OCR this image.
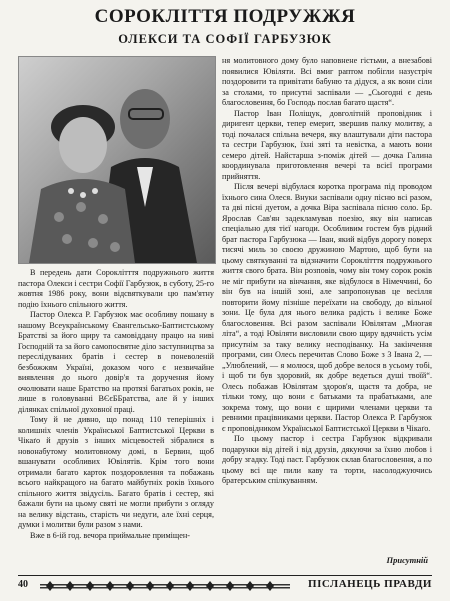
СОРОКЛІТТЯ ПОДРУЖЖЯ
ОЛЕКСИ ТА СОФІЇ ГАРБУЗЮК

В передень дати Сороклітття подружнього життя пастора Олекси і сестри Софії Гарбузюк, в суботу, 25-го жовтня 1986 року, вони відсвяткували цю пам'ятну подію їхнього спільного життя.

Пастор Олекса Р. Гарбузюк має особливу пошану в нашому Всеукраїнському Євангельсько-Баптистському Братстві за його щиру та самовіддану працю на ниві Господній та за його самопосвятне діло заступництва за переслідуваних братів і сестер в поневоленій безбожжям Україні, доказом чого є незвичайне виявлення до нього довір'я та доручення йому очолювати наше Братство на протязі багатьох років, не лише в головуванні ВЄєББратства, але й у інших ділянках спільної духовної праці.

Тому й не дивно, що понад 110 теперішніх і колишніх членів Української Баптистської Церкви в Чікаґо й друзів з інших місцевостей зібралися в новонабутому молитовному домі, в Бервин, щоб вшанувати особливих Ювілятів. Крім того вони отримали багато карток поздоровлення та побажань всього найкращого на багато майбутніх років їхнього спільного життя звідусіль. Багато братів і сестер, які бажали бути на цьому святі не могли прибути з огляду на велику відстань, старість чи недуги, але їхні серця, думки і молитви були разом з нами.

Вже в 6-ій год. вечора приймальне приміщен-

ня молитовного дому було наповнене гістьми, а внезабові появилися Ювіляти. Всі вмиг раптом побігли назустріч поздоровити та привітати бабуню та дідуся, а як вони сіли за столами, то присутні заспівали — „Сьогодні є день благословення, бо Господь послав багато щастя“.

Пастор Іван Поліщук, довголітній проповідник і диригент церкви, тепер емерит, звершив палку молитву, а тоді почалася спільна вечеря, яку влаштували діти пастора та сестри Гарбузюк, їхні зяті та невістка, а мають вони семеро дітей. Найстарша з-поміж дітей — дочка Галина координувала приготовлення вечері та всієї програми прийняття.

Після вечері відбулася коротка програма під проводом їхнього сина Олеся. Внуки заспівали одну пісню всі разом, та дві пісні дуетом, а дочка Віра заспівала пісню соло. Бр. Ярослав Сав'ян задекламував поезію, яку він написав спеціально для тієї нагоди. Особливим гостем був рідний брат пастора Гарбузюка — Іван, який відбув дорогу поверх тисячі миль зо своєю дружиною Мартою, щоб бути на цьому святкуванні та відзначити Сороклітття подружнього життя свого брата. Він розповів, чому він тому сорок років не міг прибути на вінчання, яке відбулося в Німеччині, бо він був на іншій зоні, але запропонував це весілля повторити йому пізніше переїхати на свободу, до вільної зони. Це була для нього велика радість і велике Боже благословення. Всі разом заспівали Ювілятам „Многая літа“, а тоді Ювіляти висловили свою щиру вдячність усім присутнім за таку велику несподіванку. На закінчення програми, син Олесь перечитав Слово Боже з 3 Івана 2, — „Улюблений, — я молюся, щоб добре велося в усьому тобі, і щоб ти був здоровий, як добре ведеться душі твоїй“. Олесь побажав Ювілятам здоров'я, щастя та добра, не тільки тому, що вони є батьками та прабатьками, але зокрема тому, що вони є щирими членами церкви та ревними працівниками церкви. Пастор Олекса Р. Гарбузюк є проповідником Української Баптистської Церкви в Чікаґо.

По цьому пастор і сестра Гарбузюк відкривали подарунки від дітей і від друзів, дякуючи за їхню любов і добру згадку. Тоді паст. Гарбузюк склав благословення, а по цьому всі ще пили каву та торти, насолоджуючись братерським спілкуванням.

Присутній
40	ПІСЛАНЕЦЬ ПРАВДИ
